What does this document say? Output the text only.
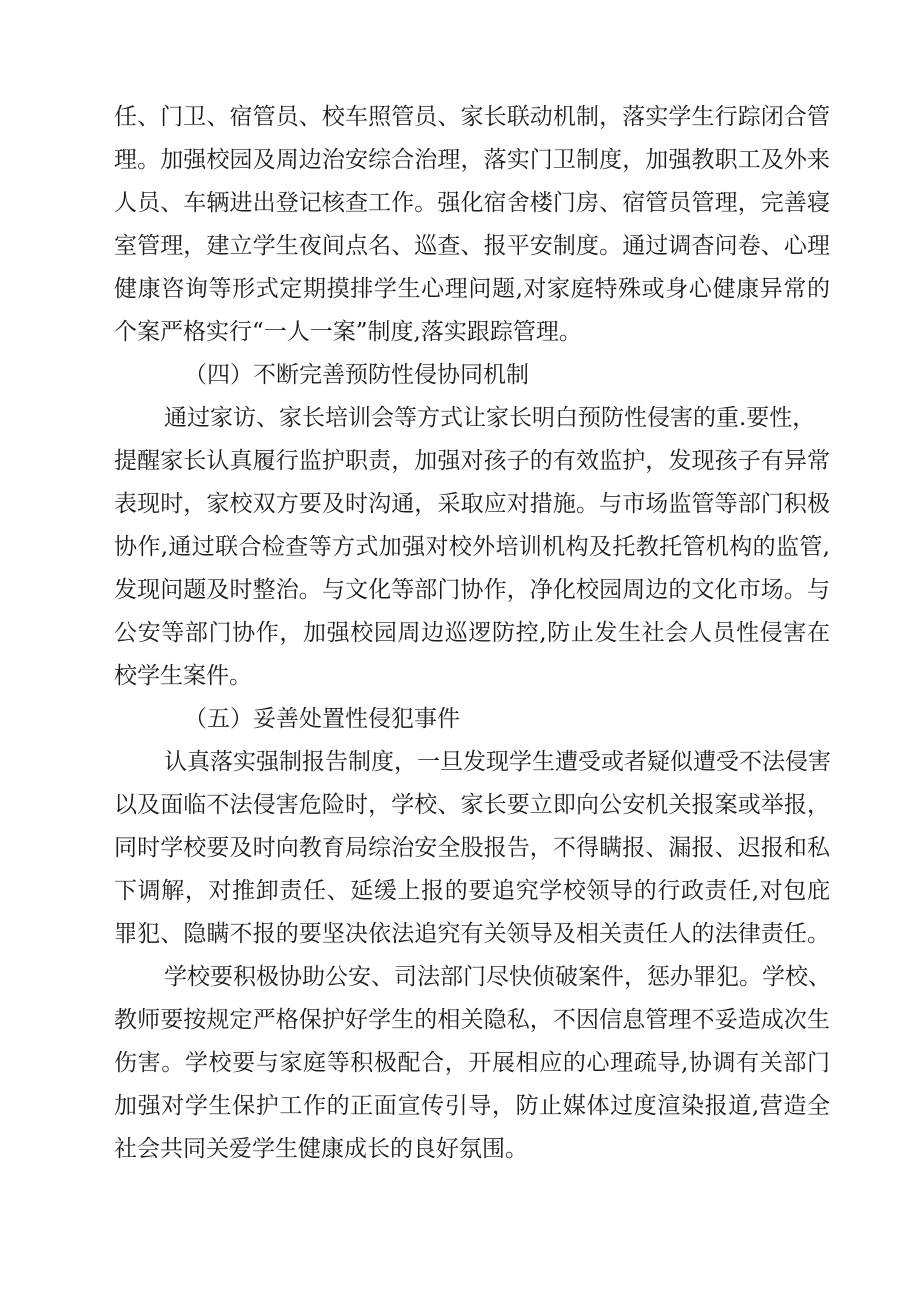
任、门卫、宿管员、校车照管员、家长联动机制，落实学生行踪闭合管
理。加强校园及周边治安综合治理，落实门卫制度，加强教职工及外来
人员、车辆进出登记核查工作。强化宿舍楼门房、宿管员管理，完善寝
室管理，建立学生夜间点名、巡查、报平安制度。通过调杳问卷、心理
健康咨询等形式定期摸排学生心理问题,对家庭特殊或身心健康异常的
个案严格实行“一人一案”制度,落实跟踪管理。
（四）不断完善预防性侵协同机制
通过家访、家长培训会等方式让家长明白预防性侵害的重.要性，
提醒家长认真履行监护职责，加强对孩子的有效监护，发现孩子有异常
表现时，家校双方要及时沟通，采取应对措施。与市场监管等部门积极
协作,通过联合检查等方式加强对校外培训机构及托教托管机构的监管,
发现问题及时整治。与文化等部门协作，净化校园周边的文化市场。与
公安等部门协作，加强校园周边巡逻防控,防止发生社会人员性侵害在
校学生案件。
（五）妥善处置性侵犯事件
认真落实强制报告制度，一旦发现学生遭受或者疑似遭受不法侵害
以及面临不法侵害危险时，学校、家长要立即向公安机关报案或举报，
同时学校要及时向教育局综治安全股报告，不得瞒报、漏报、迟报和私
下调解，对推卸责任、延缓上报的要追究学校领导的行政责任,对包庇
罪犯、隐瞒不报的要坚决依法追究有关领导及相关责任人的法律责任。
学校要积极协助公安、司法部门尽快侦破案件，惩办罪犯。学校、
教师要按规定严格保护好学生的相关隐私，不因信息管理不妥造成次生
伤害。学校要与家庭等积极配合，开展相应的心理疏导,协调有关部门
加强对学生保护工作的正面宣传引导，防止媒体过度渲染报道,营造全
社会共同关爱学生健康成长的良好氛围。
